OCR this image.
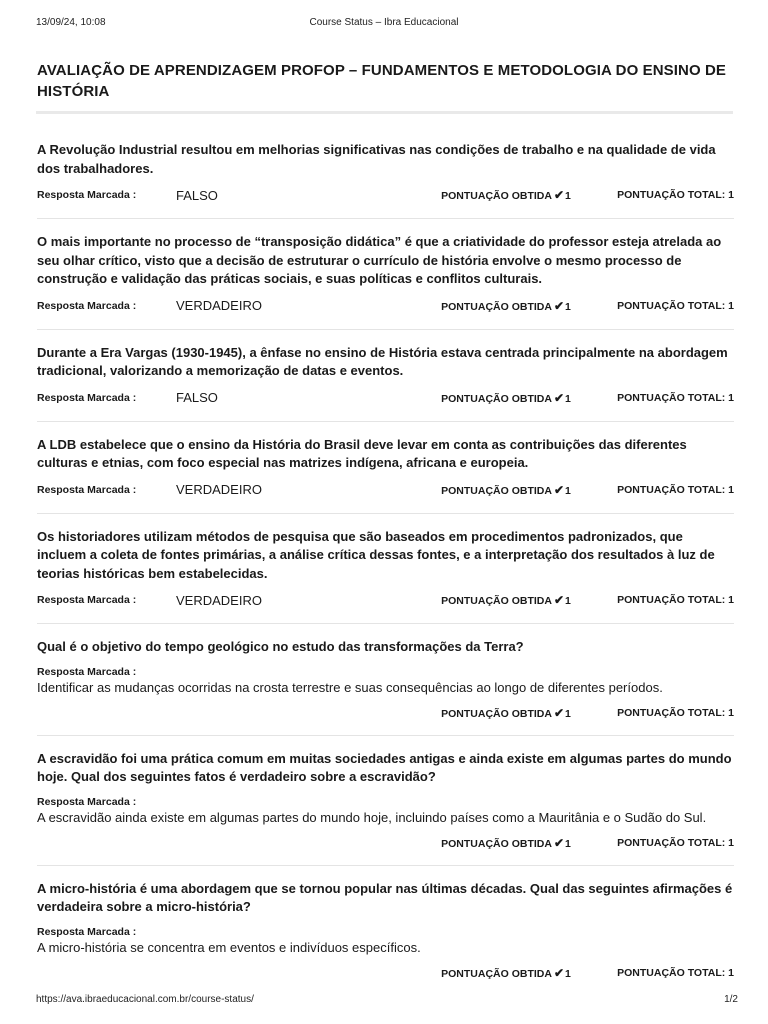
13/09/24, 10:08	Course Status – Ibra Educacional
AVALIAÇÃO DE APRENDIZAGEM PROFOP – FUNDAMENTOS E METODOLOGIA DO ENSINO DE HISTÓRIA
A Revolução Industrial resultou em melhorias significativas nas condições de trabalho e na qualidade de vida dos trabalhadores.
Resposta Marcada :	FALSO	PONTUAÇÃO OBTIDA ✔1	PONTUAÇÃO TOTAL: 1
O mais importante no processo de “transposição didática” é que a criatividade do professor esteja atrelada ao seu olhar crítico, visto que a decisão de estruturar o currículo de história envolve o mesmo processo de construção e validação das práticas sociais, e suas políticas e conflitos culturais.
Resposta Marcada :	VERDADEIRO	PONTUAÇÃO OBTIDA ✔1	PONTUAÇÃO TOTAL: 1
Durante a Era Vargas (1930-1945), a ênfase no ensino de História estava centrada principalmente na abordagem tradicional, valorizando a memorização de datas e eventos.
Resposta Marcada :	FALSO	PONTUAÇÃO OBTIDA ✔1	PONTUAÇÃO TOTAL: 1
A LDB estabelece que o ensino da História do Brasil deve levar em conta as contribuições das diferentes culturas e etnias, com foco especial nas matrizes indígena, africana e europeia.
Resposta Marcada :	VERDADEIRO	PONTUAÇÃO OBTIDA ✔1	PONTUAÇÃO TOTAL: 1
Os historiadores utilizam métodos de pesquisa que são baseados em procedimentos padronizados, que incluem a coleta de fontes primárias, a análise crítica dessas fontes, e a interpretação dos resultados à luz de teorias históricas bem estabelecidas.
Resposta Marcada :	VERDADEIRO	PONTUAÇÃO OBTIDA ✔1	PONTUAÇÃO TOTAL: 1
Qual é o objetivo do tempo geológico no estudo das transformações da Terra?
Resposta Marcada :
Identificar as mudanças ocorridas na crosta terrestre e suas consequências ao longo de diferentes períodos.
PONTUAÇÃO OBTIDA ✔1	PONTUAÇÃO TOTAL: 1
A escravidão foi uma prática comum em muitas sociedades antigas e ainda existe em algumas partes do mundo hoje. Qual dos seguintes fatos é verdadeiro sobre a escravidão?
Resposta Marcada :
A escravidão ainda existe em algumas partes do mundo hoje, incluindo países como a Mauritânia e o Sudão do Sul.
PONTUAÇÃO OBTIDA ✔1	PONTUAÇÃO TOTAL: 1
A micro-história é uma abordagem que se tornou popular nas últimas décadas. Qual das seguintes afirmações é verdadeira sobre a micro-história?
Resposta Marcada :
A micro-história se concentra em eventos e indivíduos específicos.
PONTUAÇÃO OBTIDA ✔1	PONTUAÇÃO TOTAL: 1
https://ava.ibraeducacional.com.br/course-status/	1/2
